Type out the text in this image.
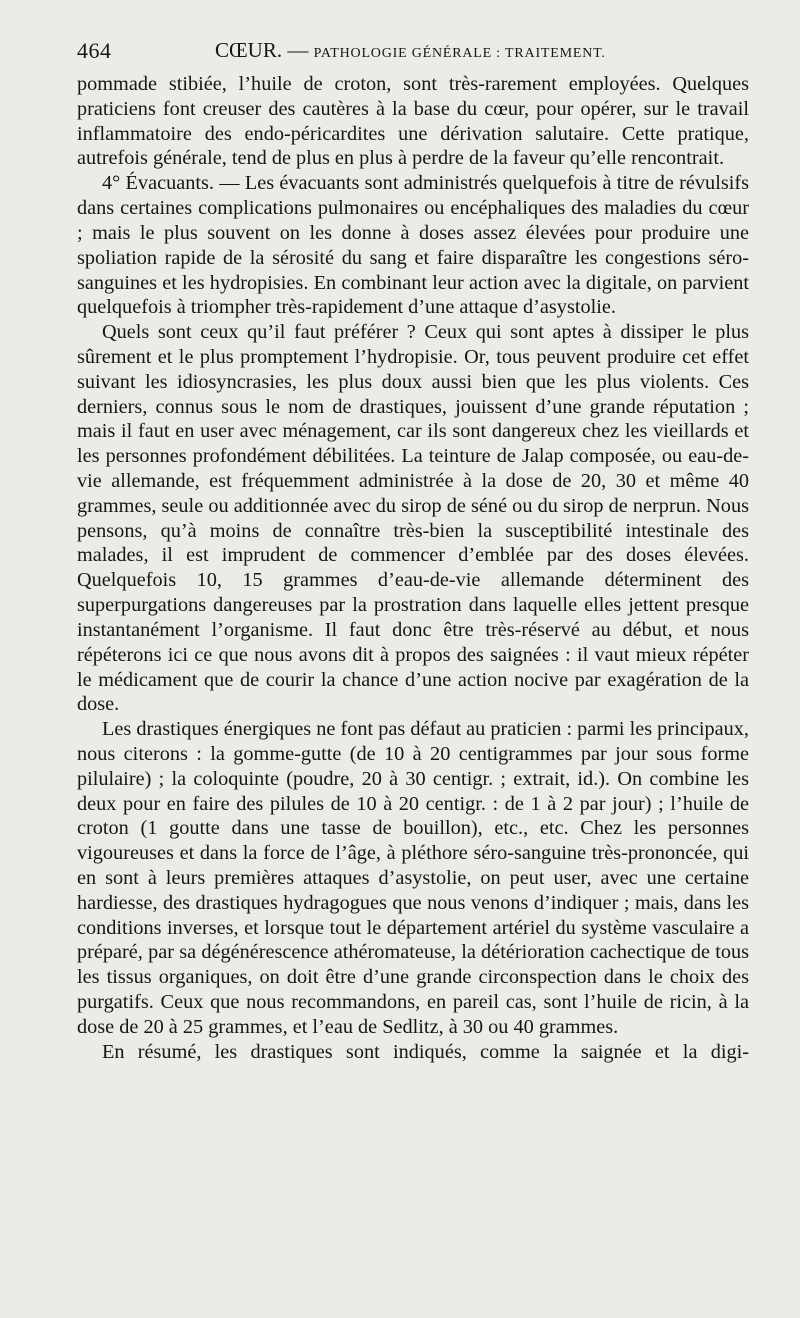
464	CŒUR. — PATHOLOGIE GÉNÉRALE : TRAITEMENT.

pommade stibiée, l’huile de croton, sont très-rarement employées. Quelques praticiens font creuser des cautères à la base du cœur, pour opérer, sur le travail inflammatoire des endo-péricardites une dérivation salutaire. Cette pratique, autrefois générale, tend de plus en plus à perdre de la faveur qu’elle rencontrait.

4° Évacuants. — Les évacuants sont administrés quelquefois à titre de révulsifs dans certaines complications pulmonaires ou encéphaliques des maladies du cœur ; mais le plus souvent on les donne à doses assez élevées pour produire une spoliation rapide de la sérosité du sang et faire disparaître les congestions séro-sanguines et les hydropisies. En combinant leur action avec la digitale, on parvient quelquefois à triompher très-rapidement d’une attaque d’asystolie.

Quels sont ceux qu’il faut préférer ? Ceux qui sont aptes à dissiper le plus sûrement et le plus promptement l’hydropisie. Or, tous peuvent produire cet effet suivant les idiosyncrasies, les plus doux aussi bien que les plus violents. Ces derniers, connus sous le nom de drastiques, jouissent d’une grande réputation ; mais il faut en user avec ménagement, car ils sont dangereux chez les vieillards et les personnes profondément débilitées. La teinture de Jalap composée, ou eau-de-vie allemande, est fréquemment administrée à la dose de 20, 30 et même 40 grammes, seule ou additionnée avec du sirop de séné ou du sirop de nerprun. Nous pensons, qu’à moins de connaître très-bien la susceptibilité intestinale des malades, il est imprudent de commencer d’emblée par des doses élevées. Quelquefois 10, 15 grammes d’eau-de-vie allemande déterminent des superpurgations dangereuses par la prostration dans laquelle elles jettent presque instantanément l’organisme. Il faut donc être très-réservé au début, et nous répéterons ici ce que nous avons dit à propos des saignées : il vaut mieux répéter le médicament que de courir la chance d’une action nocive par exagération de la dose.

Les drastiques énergiques ne font pas défaut au praticien : parmi les principaux, nous citerons : la gomme-gutte (de 10 à 20 centigrammes par jour sous forme pilulaire) ; la coloquinte (poudre, 20 à 30 centigr. ; extrait, id.). On combine les deux pour en faire des pilules de 10 à 20 centigr. : de 1 à 2 par jour) ; l’huile de croton (1 goutte dans une tasse de bouillon), etc., etc. Chez les personnes vigoureuses et dans la force de l’âge, à pléthore séro-sanguine très-prononcée, qui en sont à leurs premières attaques d’asystolie, on peut user, avec une certaine hardiesse, des drastiques hydragogues que nous venons d’indiquer ; mais, dans les conditions inverses, et lorsque tout le département artériel du système vasculaire a préparé, par sa dégénérescence athéromateuse, la détérioration cachectique de tous les tissus organiques, on doit être d’une grande circonspection dans le choix des purgatifs. Ceux que nous recommandons, en pareil cas, sont l’huile de ricin, à la dose de 20 à 25 grammes, et l’eau de Sedlitz, à 30 ou 40 grammes.

En résumé, les drastiques sont indiqués, comme la saignée et la digi-
